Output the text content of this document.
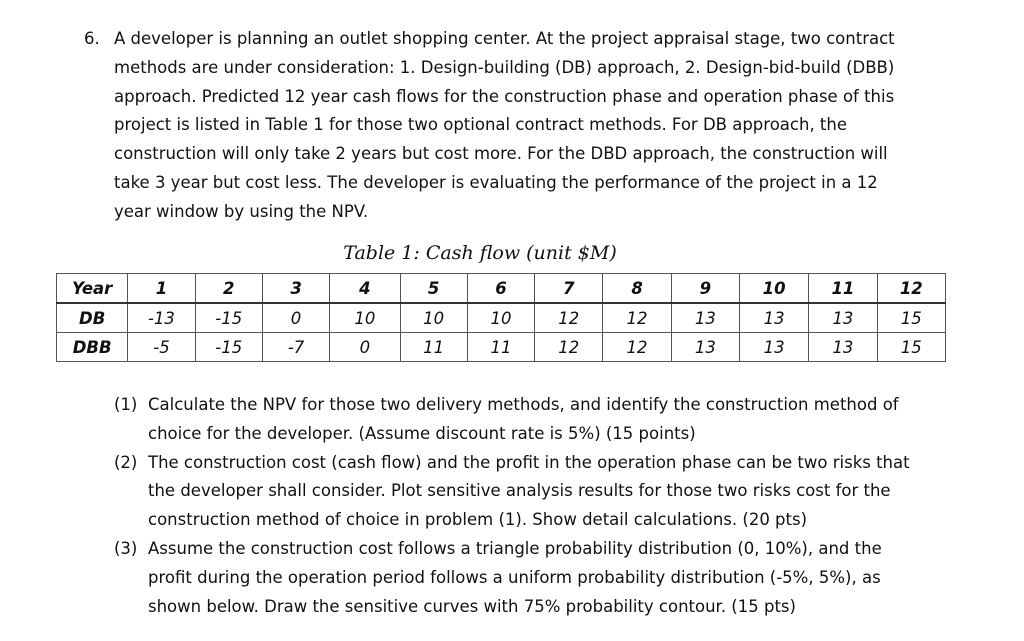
6. A developer is planning an outlet shopping center. At the project appraisal stage, two contract
methods are under consideration: 1. Design-building (DB) approach, 2. Design-bid-build (DBB)
approach. Predicted 12 year cash flows for the construction phase and operation phase of this
project is listed in Table 1 for those two optional contract methods. For DB approach, the
construction will only take 2 years but cost more. For the DBD approach, the construction will
take 3 year but cost less. The developer is evaluating the performance of the project in a 12
year window by using the NPV.
Table 1: Cash flow (unit $M)
Year	1	2	3	4	5	6	7	8	9	10	11	12
DB	-13	-15	0	10	10	10	12	12	13	13	13	15
DBB	-5	-15	-7	0	11	11	12	12	13	13	13	15
(1) Calculate the NPV for those two delivery methods, and identify the construction method of
choice for the developer. (Assume discount rate is 5%) (15 points)
(2) The construction cost (cash flow) and the profit in the operation phase can be two risks that
the developer shall consider. Plot sensitive analysis results for those two risks cost for the
construction method of choice in problem (1). Show detail calculations. (20 pts)
(3) Assume the construction cost follows a triangle probability distribution (0, 10%), and the
profit during the operation period follows a uniform probability distribution (-5%, 5%), as
shown below. Draw the sensitive curves with 75% probability contour. (15 pts)
